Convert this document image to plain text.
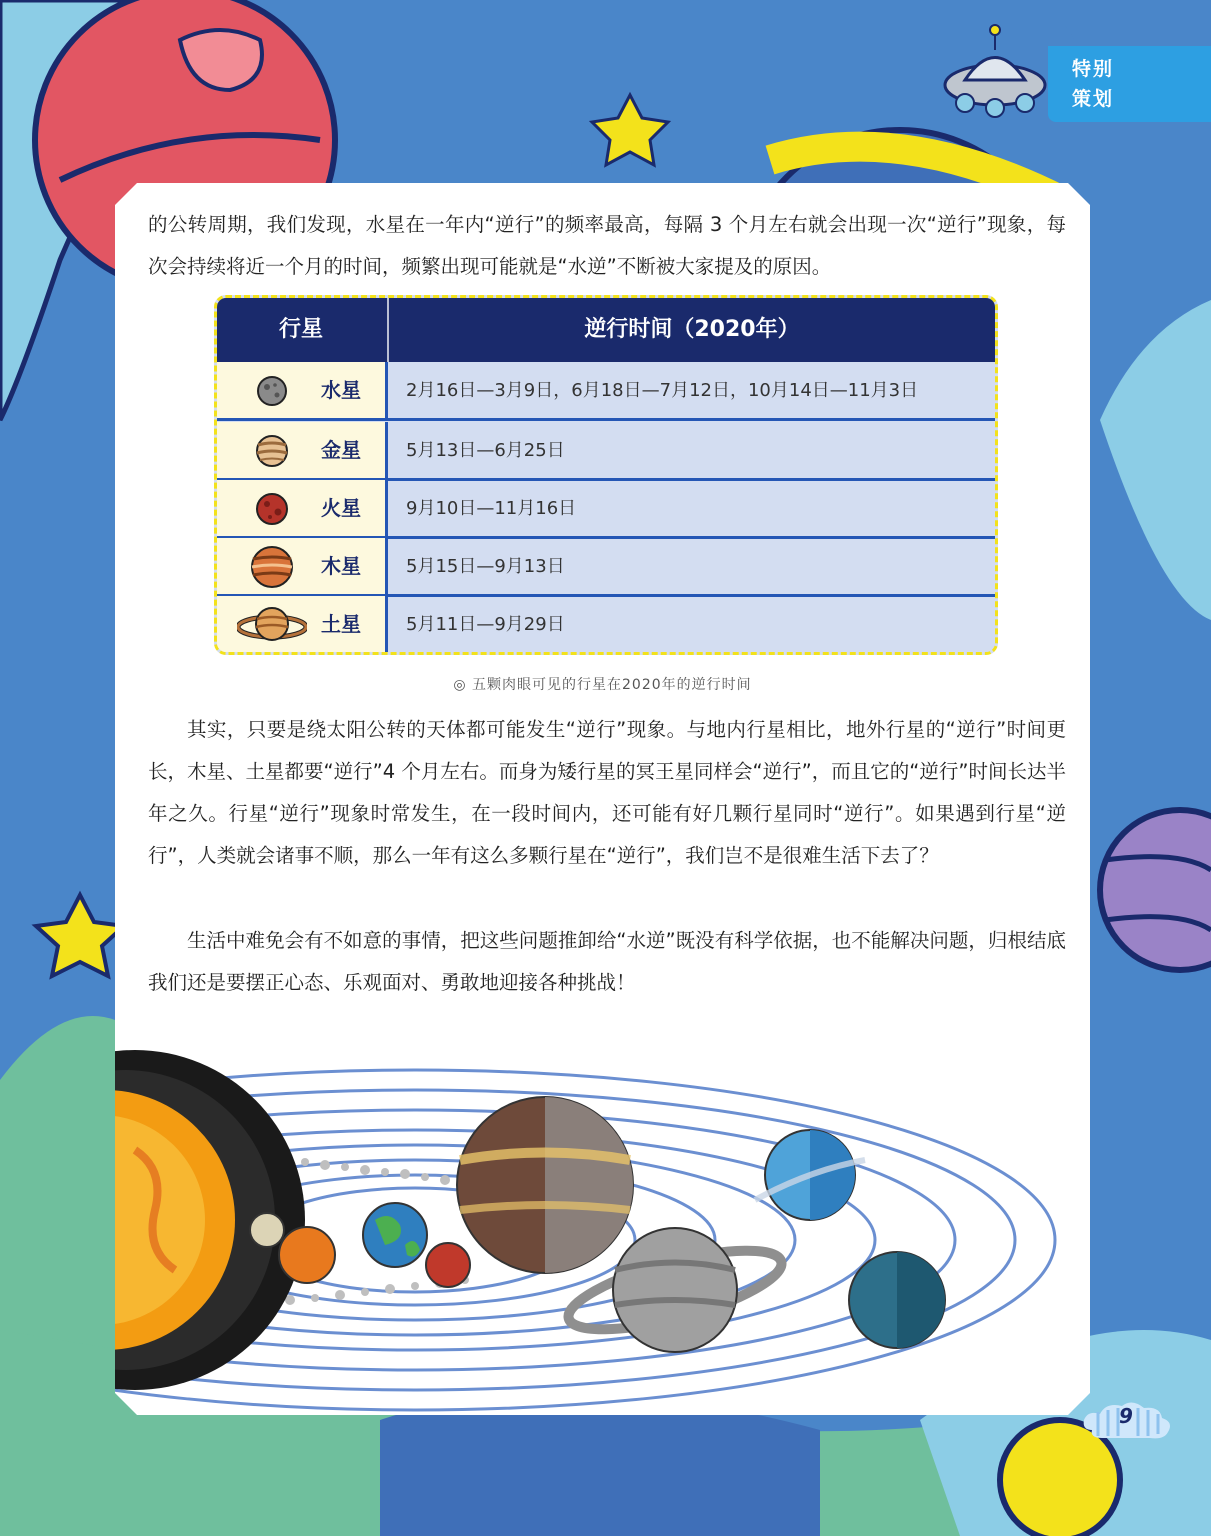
特别
策划

的公转周期，我们发现，水星在一年内“逆行”的频率最高，每隔 3 个月左右就会出现一次“逆行”现象，每次会持续将近一个月的时间，频繁出现可能就是“水逆”不断被大家提及的原因。

行星	逆行时间（2020年）
水星	2月16日—3月9日，6月18日—7月12日，10月14日—11月3日
金星	5月13日—6月25日
火星	9月10日—11月16日
木星	5月15日—9月13日
土星	5月11日—9月29日
◎ 五颗肉眼可见的行星在2020年的逆行时间

其实，只要是绕太阳公转的天体都可能发生“逆行”现象。与地内行星相比，地外行星的“逆行”时间更长，木星、土星都要“逆行”4 个月左右。而身为矮行星的冥王星同样会“逆行”，而且它的“逆行”时间长达半年之久。行星“逆行”现象时常发生，在一段时间内，还可能有好几颗行星同时“逆行”。如果遇到行星“逆行”，人类就会诸事不顺，那么一年有这么多颗行星在“逆行”，我们岂不是很难生活下去了？

生活中难免会有不如意的事情，把这些问题推卸给“水逆”既没有科学依据，也不能解决问题，归根结底我们还是要摆正心态、乐观面对、勇敢地迎接各种挑战！

9
